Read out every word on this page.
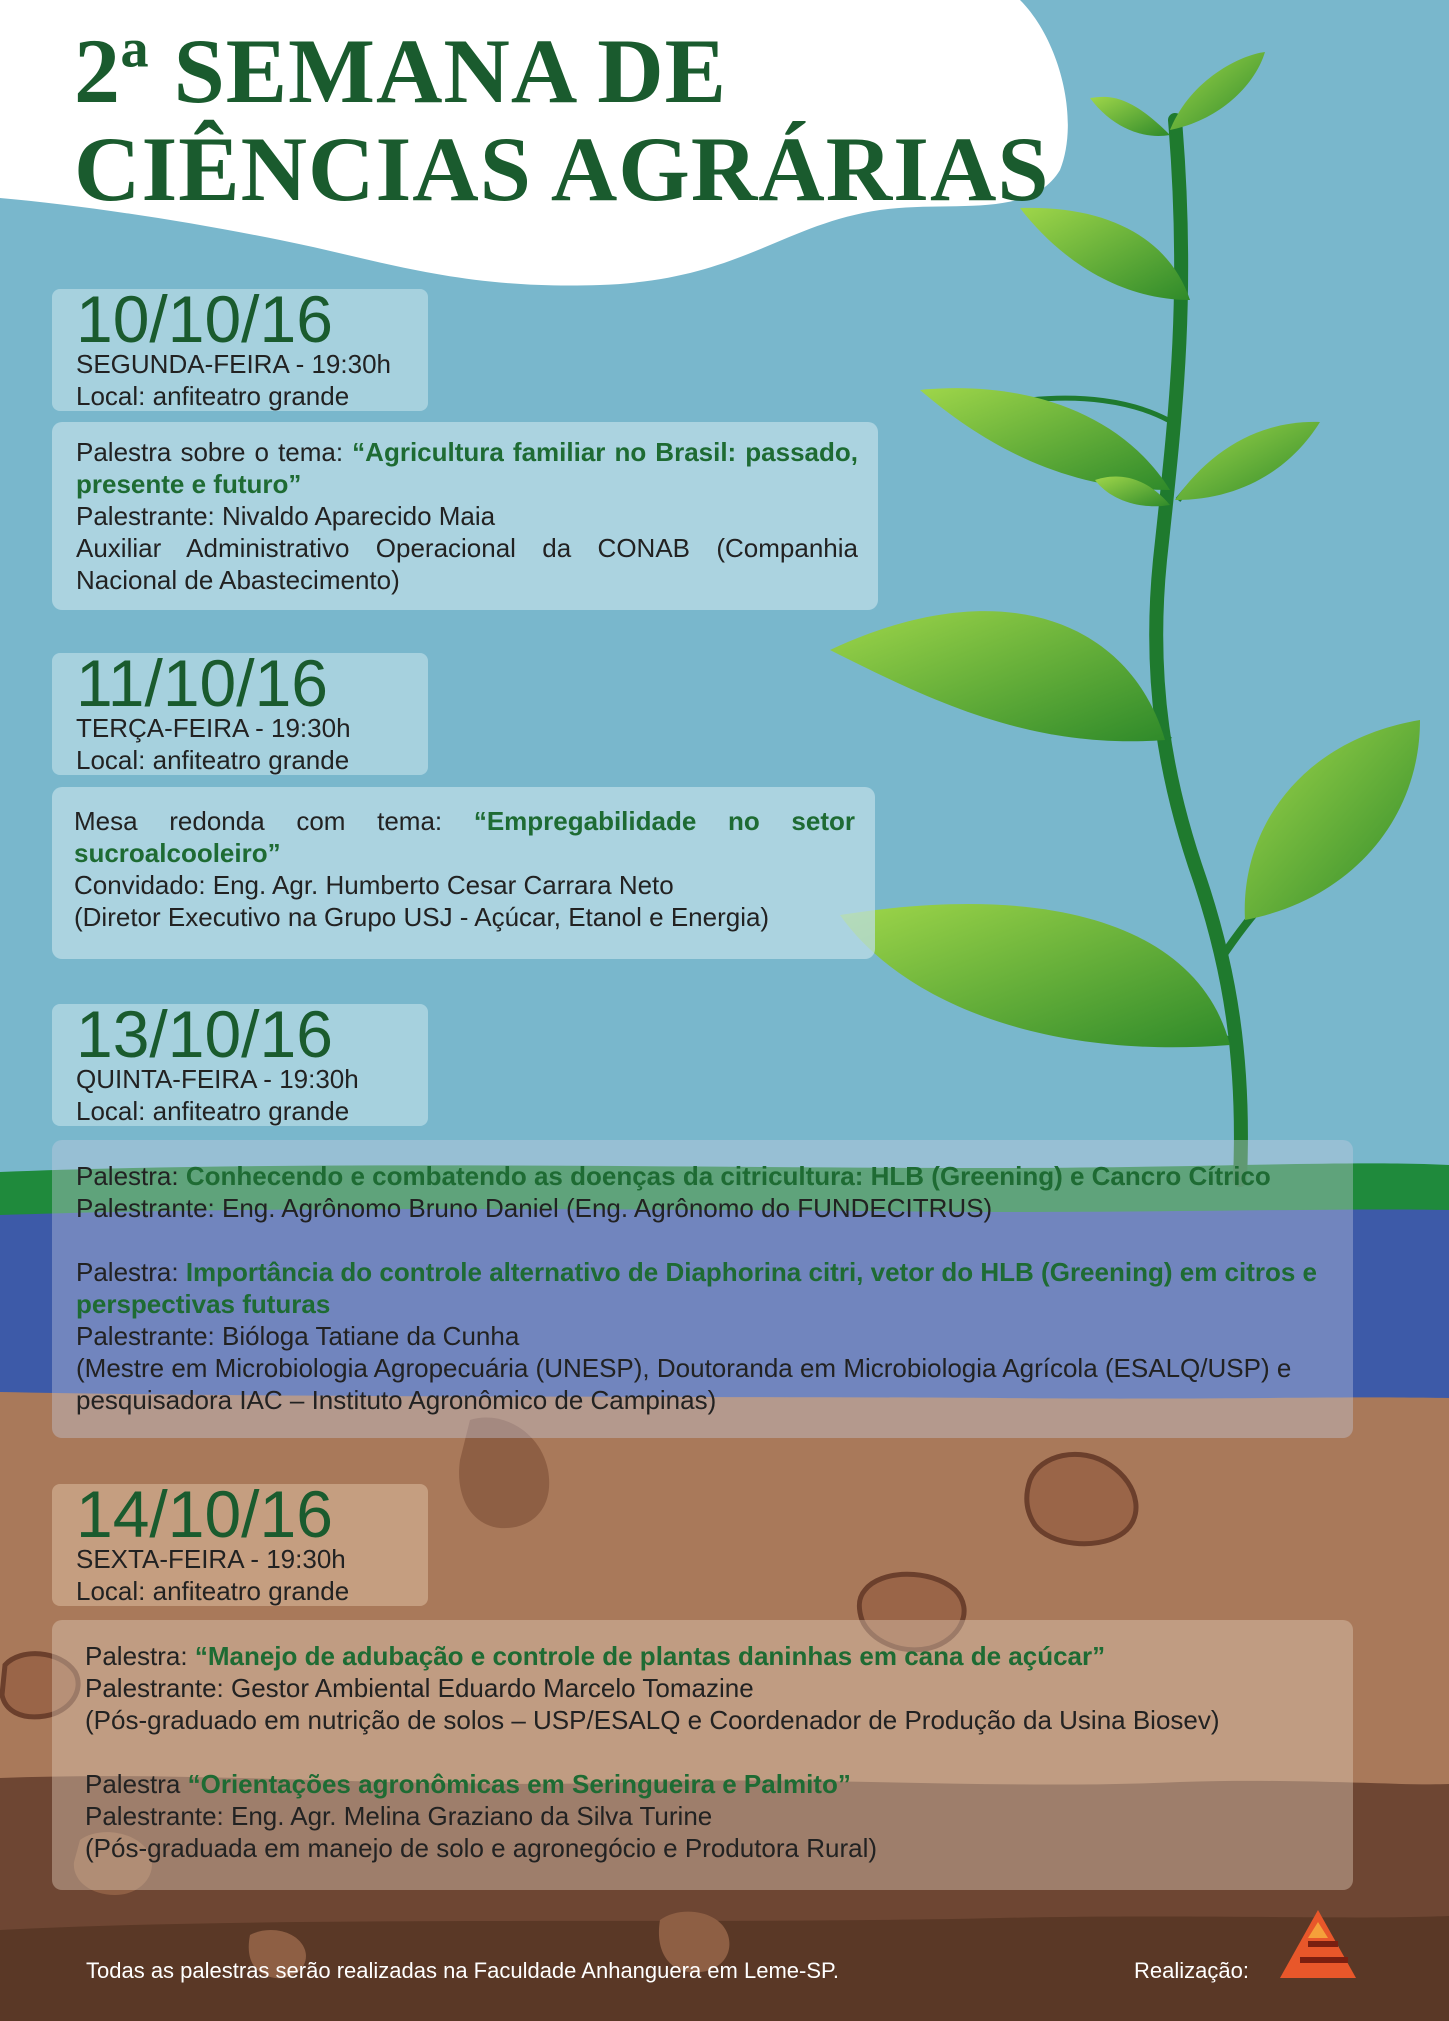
2ª SEMANA DE
CIÊNCIAS AGRÁRIAS
10/10/16
SEGUNDA-FEIRA - 19:30h
Local: anfiteatro grande

Palestra sobre o tema: “Agricultura familiar no Brasil: passado, presente e futuro”

Palestrante: Nivaldo Aparecido Maia

Auxiliar Administrativo Operacional da CONAB (Companhia Nacional de Abastecimento)

11/10/16
TERÇA-FEIRA - 19:30h
Local: anfiteatro grande

Mesa redonda com tema: “Empregabilidade no setor sucroalcooleiro”

Convidado: Eng. Agr. Humberto Cesar Carrara Neto

(Diretor Executivo na Grupo USJ - Açúcar, Etanol e Energia)

13/10/16
QUINTA-FEIRA - 19:30h
Local: anfiteatro grande

Palestra: Conhecendo e combatendo as doenças da citricultura: HLB (Greening) e Cancro Cítrico

Palestrante: Eng. Agrônomo Bruno Daniel (Eng. Agrônomo do FUNDECITRUS)

Palestra: Importância do controle alternativo de Diaphorina citri, vetor do HLB (Greening) em citros e perspectivas futuras

Palestrante: Bióloga Tatiane da Cunha

(Mestre em Microbiologia Agropecuária (UNESP), Doutoranda em Microbiologia Agrícola (ESALQ/USP) e pesquisadora IAC – Instituto Agronômico de Campinas)

14/10/16
SEXTA-FEIRA - 19:30h
Local: anfiteatro grande

Palestra: “Manejo de adubação e controle de plantas daninhas em cana de açúcar”

Palestrante: Gestor Ambiental Eduardo Marcelo Tomazine

(Pós-graduado em nutrição de solos – USP/ESALQ e Coordenador de Produção da Usina Biosev)

Palestra “Orientações agronômicas em Seringueira e Palmito”

Palestrante: Eng. Agr. Melina Graziano da Silva Turine

(Pós-graduada em manejo de solo e agronegócio e Produtora Rural)

Todas as palestras serão realizadas na Faculdade Anhanguera em Leme-SP.	Realização:
